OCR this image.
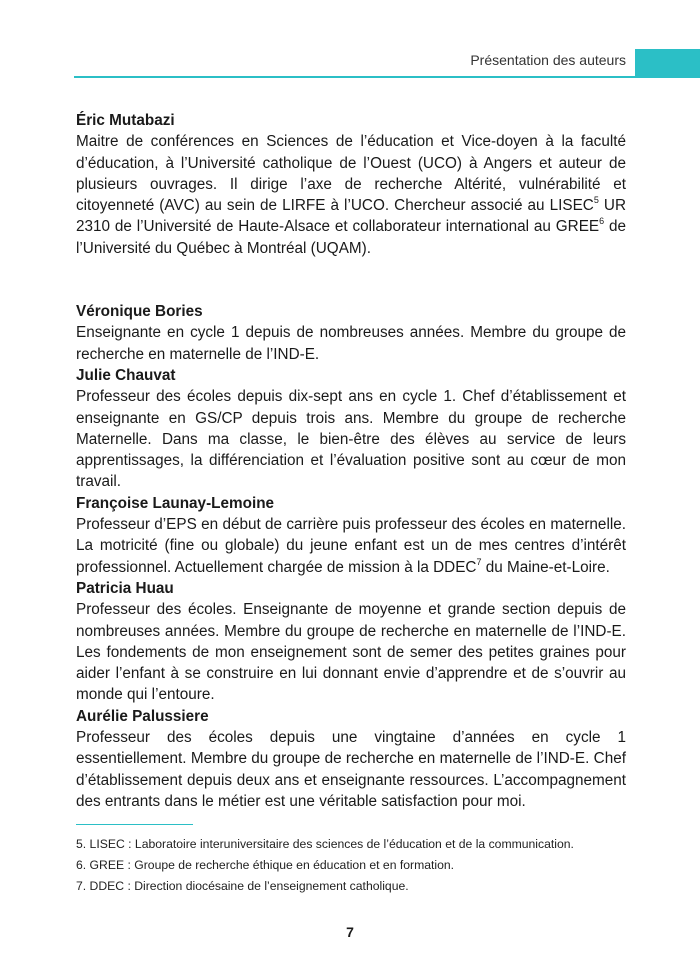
Présentation des auteurs

Éric Mutabazi

Maitre de conférences en Sciences de l’éducation et Vice-doyen à la faculté d’éducation, à l’Université catholique de l’Ouest (UCO) à Angers et auteur de plusieurs ouvrages. Il dirige l’axe de recherche Altérité, vulnérabilité et citoyenneté (AVC) au sein de LIRFE à l’UCO. Chercheur associé au LISEC$^5$ UR 2310 de l’Université de Haute-Alsace et collaborateur international au GREE$^6$ de l’Université du Québec à Montréal (UQAM).

Véronique Bories

Enseignante en cycle 1 depuis de nombreuses années. Membre du groupe de recherche en maternelle de l’IND-E.

Julie Chauvat

Professeur des écoles depuis dix-sept ans en cycle 1. Chef d’établissement et enseignante en GS/CP depuis trois ans. Membre du groupe de recherche Maternelle. Dans ma classe, le bien-être des élèves au service de leurs apprentissages, la différenciation et l’évaluation positive sont au cœur de mon travail.

Françoise Launay-Lemoine

Professeur d’EPS en début de carrière puis professeur des écoles en maternelle. La motricité (fine ou globale) du jeune enfant est un de mes centres d’intérêt professionnel. Actuellement chargée de mission à la DDEC$^7$ du Maine-et-Loire.

Patricia Huau

Professeur des écoles. Enseignante de moyenne et grande section depuis de nombreuses années. Membre du groupe de recherche en maternelle de l’IND-E. Les fondements de mon enseignement sont de semer des petites graines pour aider l’enfant à se construire en lui donnant envie d’apprendre et de s’ouvrir au monde qui l’entoure.

Aurélie Palussiere

Professeur des écoles depuis une vingtaine d’années en cycle 1 essentiellement. Membre du groupe de recherche en maternelle de l’IND-E. Chef d’établissement depuis deux ans et enseignante ressources. L’accompagnement des entrants dans le métier est une véritable satisfaction pour moi.

5. LISEC : Laboratoire interuniversitaire des sciences de l’éducation et de la communication.
6. GREE : Groupe de recherche éthique en éducation et en formation.
7. DDEC : Direction diocésaine de l’enseignement catholique.
7
